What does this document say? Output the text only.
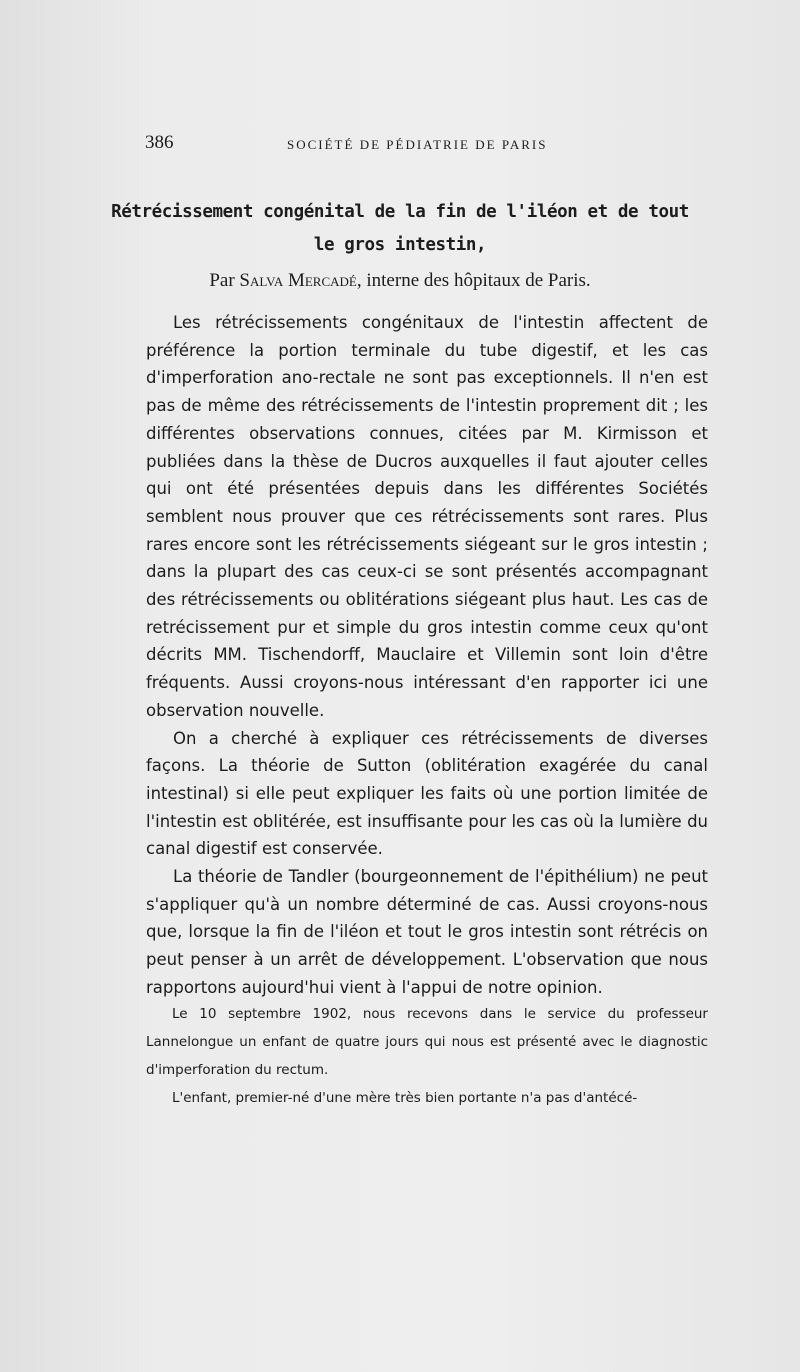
386	SOCIÉTÉ DE PÉDIATRIE DE PARIS
Rétrécissement congénital de la fin de l'iléon et de tout
le gros intestin,
Par Salva Mercadé, interne des hôpitaux de Paris.

Les rétrécissements congénitaux de l'intestin affectent de préférence la portion terminale du tube digestif, et les cas d'imperforation ano-rectale ne sont pas exceptionnels. Il n'en est pas de même des rétrécissements de l'intestin proprement dit ; les différentes observations connues, citées par M. Kirmisson et publiées dans la thèse de Ducros auxquelles il faut ajouter celles qui ont été présentées depuis dans les différentes Sociétés semblent nous prouver que ces rétrécissements sont rares. Plus rares encore sont les rétrécissements siégeant sur le gros intestin ; dans la plupart des cas ceux-ci se sont présentés accompagnant des rétrécissements ou oblitérations siégeant plus haut. Les cas de retrécissement pur et simple du gros intestin comme ceux qu'ont décrits MM. Tischendorff, Mauclaire et Villemin sont loin d'être fréquents. Aussi croyons-nous intéressant d'en rapporter ici une observation nouvelle.

On a cherché à expliquer ces rétrécissements de diverses façons. La théorie de Sutton (oblitération exagérée du canal intestinal) si elle peut expliquer les faits où une portion limitée de l'intestin est oblitérée, est insuffisante pour les cas où la lumière du canal digestif est conservée.

La théorie de Tandler (bourgeonnement de l'épithélium) ne peut s'appliquer qu'à un nombre déterminé de cas. Aussi croyons-nous que, lorsque la fin de l'iléon et tout le gros intestin sont rétrécis on peut penser à un arrêt de développement. L'observation que nous rapportons aujourd'hui vient à l'appui de notre opinion.

Le 10 septembre 1902, nous recevons dans le service du professeur Lannelongue un enfant de quatre jours qui nous est présenté avec le diagnostic d'imperforation du rectum.

L'enfant, premier-né d'une mère très bien portante n'a pas d'antécé-
